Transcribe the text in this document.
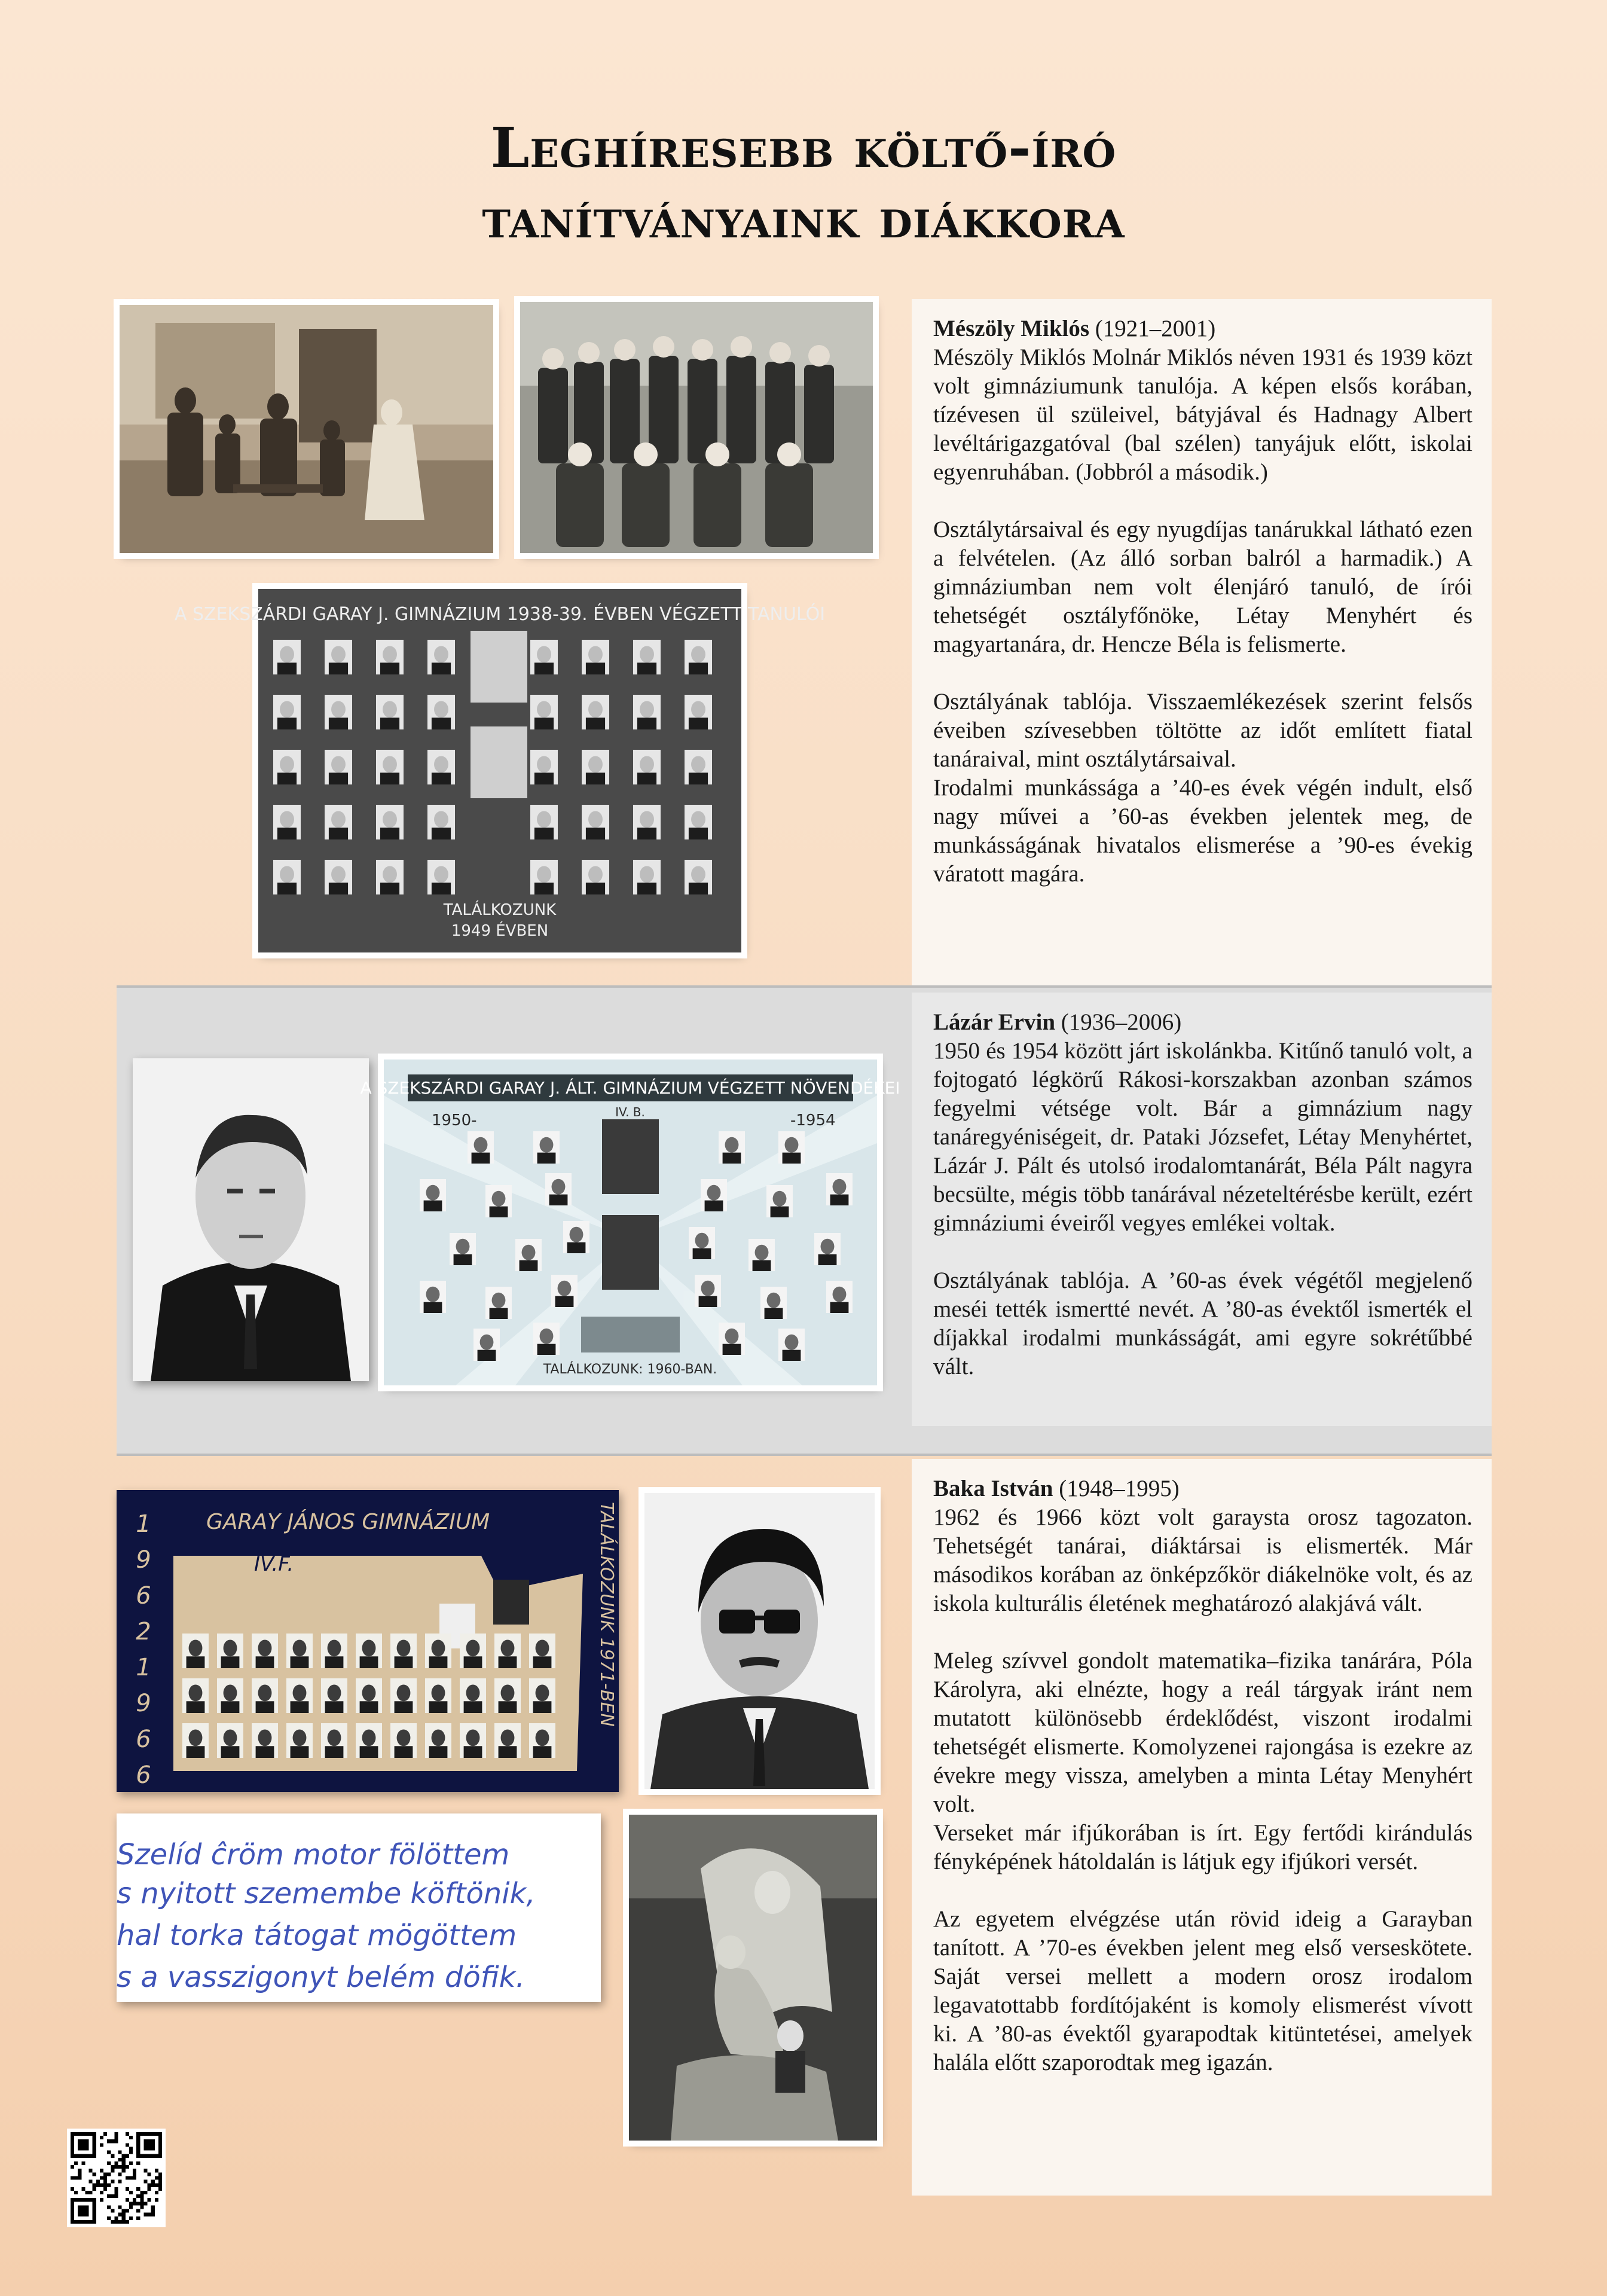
Leghíresebb költő-író
tanítványaink diákkora

Mészöly Miklós (1921–2001)
Mészöly Miklós Molnár Miklós néven 1931 és 1939 közt volt gimnáziumunk tanulója. A képen elsős korában, tízévesen ül szüleivel, bátyjával és Hadnagy Albert levéltárigazgatóval (bal szélen) tanyájuk előtt, iskolai egyenruhában. (Jobbról a második.)

Osztálytársaival és egy nyugdíjas tanárukkal látható ezen a felvételen. (Az álló sorban balról a harmadik.) A gimnáziumban nem volt élenjáró tanuló, de írói tehetségét osztályfőnöke, Létay Menyhért és magyartanára, dr. Hencze Béla is felismerte.

Osztályának tablója. Visszaemlékezések szerint felsős éveiben szívesebben töltötte az időt említett fiatal tanáraival, mint osztálytársaival.

Irodalmi munkássága a ’40-es évek végén indult, első nagy művei a ’60-as években jelentek meg, de munkásságának hivatalos elismerése a ’90-es évekig váratott magára.

A SZEKSZÁRDI GARAY J. GIMNÁZIUM 1938-39. ÉVBEN VÉGZETT TANULÓI
TALÁLKOZUNK
1949 ÉVBEN

Lázár Ervin (1936–2006)
1950 és 1954 között járt iskolánkba. Kitűnő tanuló volt, a fojtogató légkörű Rákosi-korszakban azonban számos fegyelmi vétsége volt. Bár a gimnázium nagy tanáregyéniségeit, dr. Pataki Józsefet, Létay Menyhértet, Lázár J. Pált és utolsó irodalomtanárát, Béla Pált nagyra becsülte, mégis több tanárával nézeteltérésbe került, ezért gimnáziumi éveiről vegyes emlékei voltak.

Osztályának tablója. A ’60-as évek végétől megjelenő meséi tették ismertté nevét. A ’80-as évektől ismerték el díjakkal irodalmi munkásságát, ami egyre sokrétűbbé vált.

A SZEKSZÁRDI GARAY J. ÁLT. GIMNÁZIUM VÉGZETT NÖVENDÉKEI
1950-	-1954
IV. B.
TALÁLKOZUNK: 1960-BAN.

Baka István (1948–1995)
1962 és 1966 közt volt garaysta orosz tagozaton. Tehetségét tanárai, diáktársai is elismerték. Már másodikos korában az önképzőkör diákelnöke volt, és az iskola kulturális életének meghatározó alakjává vált.

Meleg szívvel gondolt matematika–fizika tanárára, Póla Károlyra, aki elnézte, hogy a reál tárgyak iránt nem mutatott különösebb érdeklődést, viszont irodalmi tehetségét elismerte. Komolyzenei rajongása is ezekre az évekre megy vissza, amelyben a minta Létay Menyhért volt.

Verseket már ifjúkorában is írt. Egy fertődi kirándulás fényképének hátoldalán is látjuk egy ifjúkori versét.

Az egyetem elvégzése után rövid ideig a Garayban tanított. A ’70-es években jelent meg első verseskötete. Saját versei mellett a modern orosz irodalom legavatottabb fordítójaként is komoly elismerést vívott ki. A ’80-as évektől gyarapodtak kitüntetései, amelyek halála előtt szaporodtak meg igazán.

GARAY JÁNOS GIMNÁZIUM
IV.F.
1
9
6
2
1
9
6
6
TALÁLKOZUNK 1971-BEN
Szelíd ĉröm motor fölöttem
s nyitott szemembe köftönik,
hal torka tátogat mögöttem
s a vasszigonyt belém döfik.
